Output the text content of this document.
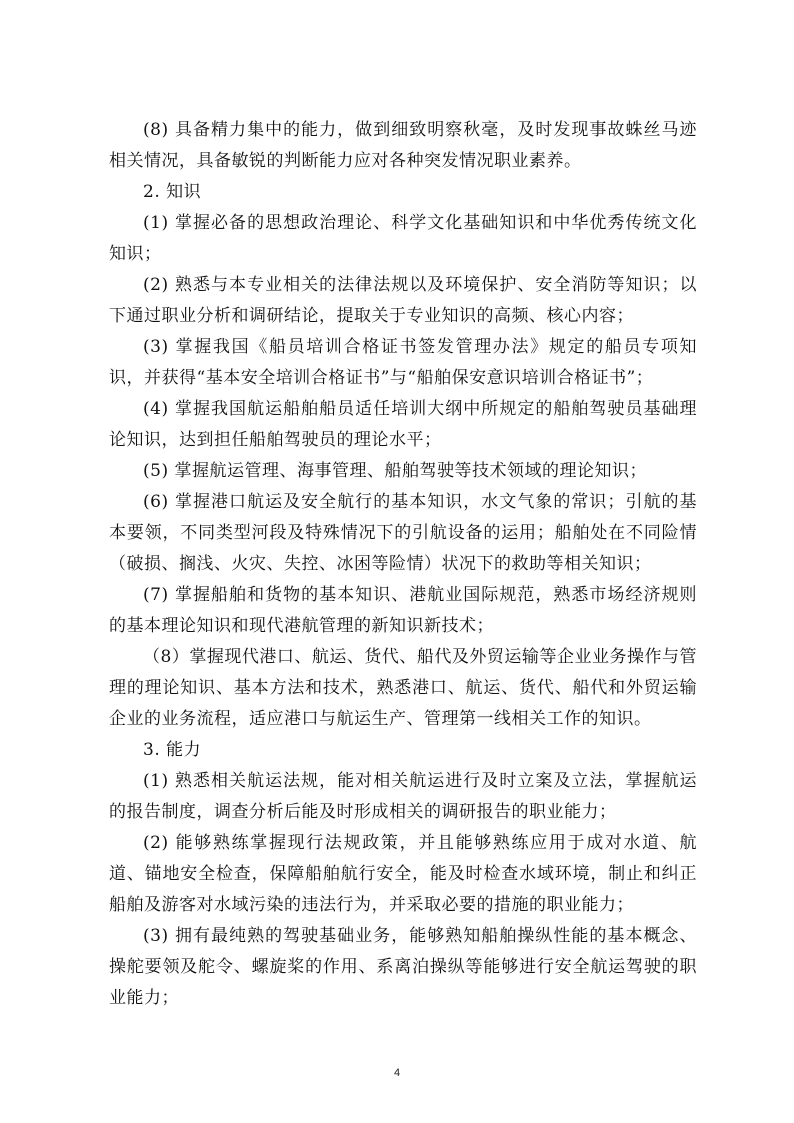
(8) 具备精力集中的能力，做到细致明察秋毫，及时发现事故蛛丝马迹相关情况，具备敏锐的判断能力应对各种突发情况职业素养。

2. 知识

(1) 掌握必备的思想政治理论、科学文化基础知识和中华优秀传统文化知识；

(2) 熟悉与本专业相关的法律法规以及环境保护、安全消防等知识；以下通过职业分析和调研结论，提取关于专业知识的高频、核心内容；

(3) 掌握我国《船员培训合格证书签发管理办法》规定的船员专项知识，并获得“基本安全培训合格证书”与“船舶保安意识培训合格证书”；

(4) 掌握我国航运船舶船员适任培训大纲中所规定的船舶驾驶员基础理论知识，达到担任船舶驾驶员的理论水平；

(5) 掌握航运管理、海事管理、船舶驾驶等技术领域的理论知识；

(6) 掌握港口航运及安全航行的基本知识，水文气象的常识；引航的基本要领，不同类型河段及特殊情况下的引航设备的运用；船舶处在不同险情（破损、搁浅、火灾、失控、冰困等险情）状况下的救助等相关知识；

(7) 掌握船舶和货物的基本知识、港航业国际规范，熟悉市场经济规则的基本理论知识和现代港航管理的新知识新技术；

（8）掌握现代港口、航运、货代、船代及外贸运输等企业业务操作与管理的理论知识、基本方法和技术，熟悉港口、航运、货代、船代和外贸运输企业的业务流程，适应港口与航运生产、管理第一线相关工作的知识。

3. 能力

(1) 熟悉相关航运法规，能对相关航运进行及时立案及立法，掌握航运的报告制度，调查分析后能及时形成相关的调研报告的职业能力；

(2) 能够熟练掌握现行法规政策，并且能够熟练应用于成对水道、航道、锚地安全检查，保障船舶航行安全，能及时检查水域环境，制止和纠正船舶及游客对水域污染的违法行为，并采取必要的措施的职业能力；

(3) 拥有最纯熟的驾驶基础业务，能够熟知船舶操纵性能的基本概念、操舵要领及舵令、螺旋桨的作用、系离泊操纵等能够进行安全航运驾驶的职业能力；

4
